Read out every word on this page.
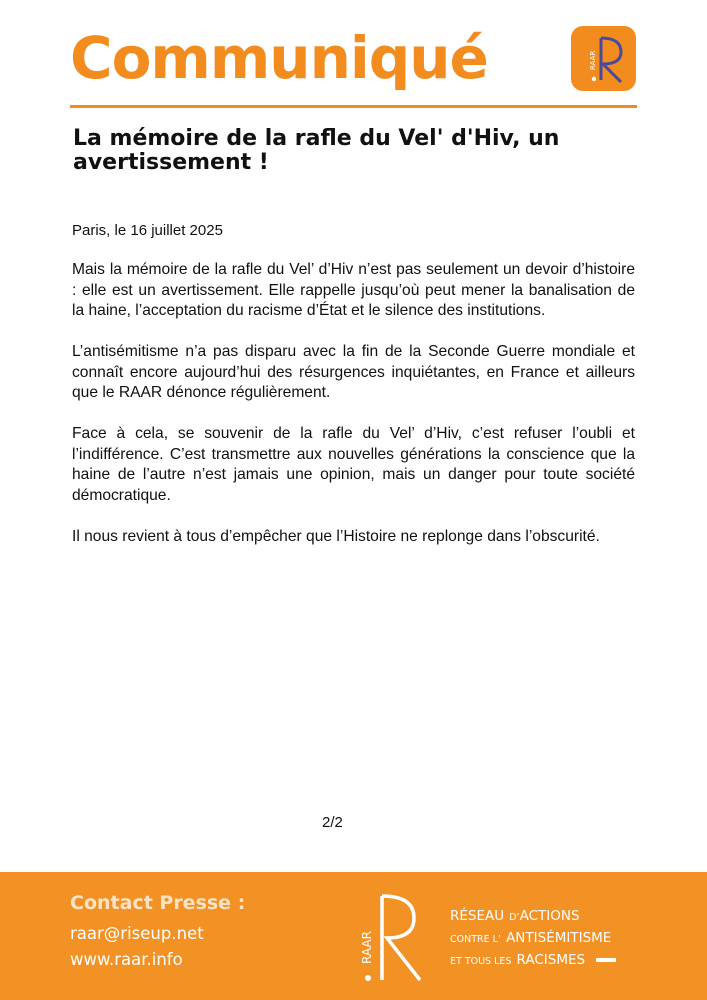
Communiqué	RAAR
La mémoire de la rafle du Vel' d'Hiv, un avertissement !
Paris, le 16 juillet 2025

Mais la mémoire de la rafle du Vel’ d’Hiv n’est pas seulement un devoir d’histoire : elle est un avertissement. Elle rappelle jusqu’où peut mener la banalisation de la haine, l’acceptation du racisme d’État et le silence des institutions.

L’antisémitisme n’a pas disparu avec la fin de la Seconde Guerre mondiale et connaît encore aujourd’hui des résurgences inquiétantes, en France et ailleurs que le RAAR dénonce régulièrement.

Face à cela, se souvenir de la rafle du Vel’ d’Hiv, c’est refuser l’oubli et l’indifférence. C’est transmettre aux nouvelles générations la conscience que la haine de l’autre n’est jamais une opinion, mais un danger pour toute société démocratique.

Il nous revient à tous d’empêcher que l’Histoire ne replonge dans l’obscurité.

2/2
Contact Presse :
raar@riseup.net
www.raar.info	RAAR
RÉSEAU D’ACTIONS
CONTRE L’ ANTISÉMITISME
ET TOUS LES RACISMES
